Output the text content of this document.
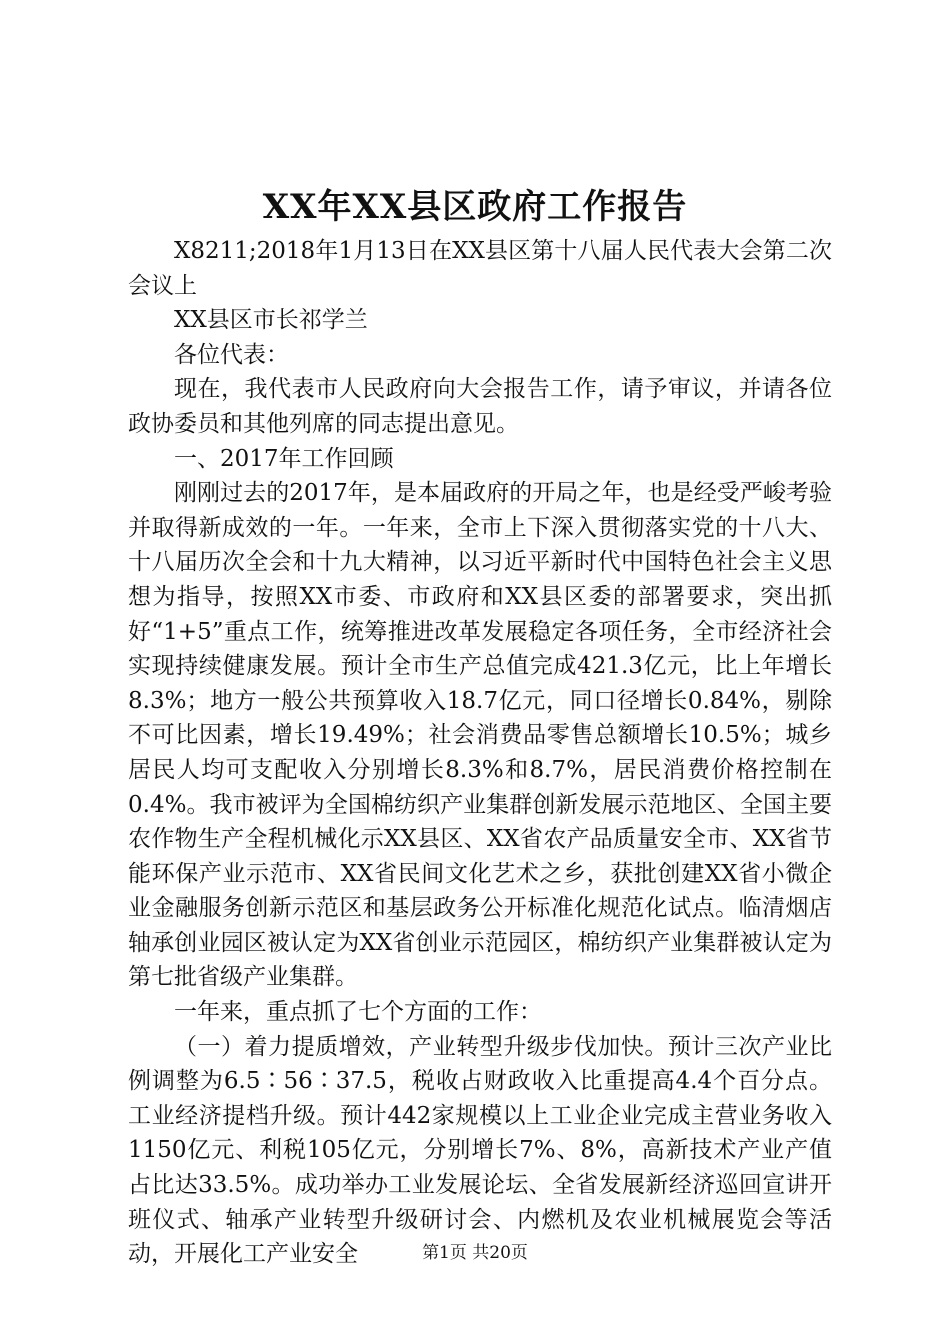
XX年XX县区政府工作报告

X8211;2018年1月13日在XX县区第十八届人民代表大会第二次会议上

XX县区市长祁学兰

各位代表：

现在，我代表市人民政府向大会报告工作，请予审议，并请各位政协委员和其他列席的同志提出意见。

一、2017年工作回顾

刚刚过去的2017年，是本届政府的开局之年，也是经受严峻考验并取得新成效的一年。一年来，全市上下深入贯彻落实党的十八大、十八届历次全会和十九大精神，以习近平新时代中国特色社会主义思想为指导，按照XX市委、市政府和XX县区委的部署要求，突出抓好“1+5”重点工作，统筹推进改革发展稳定各项任务，全市经济社会实现持续健康发展。预计全市生产总值完成421.3亿元，比上年增长8.3%；地方一般公共预算收入18.7亿元，同口径增长0.84%，剔除不可比因素，增长19.49%；社会消费品零售总额增长10.5%；城乡居民人均可支配收入分别增长8.3%和8.7%，居民消费价格控制在0.4%。我市被评为全国棉纺织产业集群创新发展示范地区、全国主要农作物生产全程机械化示XX县区、XX省农产品质量安全市、XX省节能环保产业示范市、XX省民间文化艺术之乡，获批创建XX省小微企业金融服务创新示范区和基层政务公开标准化规范化试点。临清烟店轴承创业园区被认定为XX省创业示范园区，棉纺织产业集群被认定为第七批省级产业集群。

一年来，重点抓了七个方面的工作：

（一）着力提质增效，产业转型升级步伐加快。预计三次产业比例调整为6.5∶56∶37.5，税收占财政收入比重提高4.4个百分点。工业经济提档升级。预计442家规模以上工业企业完成主营业务收入1150亿元、利税105亿元，分别增长7%、8%，高新技术产业产值占比达33.5%。成功举办工业发展论坛、全省发展新经济巡回宣讲开班仪式、轴承产业转型升级研讨会、内燃机及农业机械展览会等活动，开展化工产业安全	第1页 共20页
